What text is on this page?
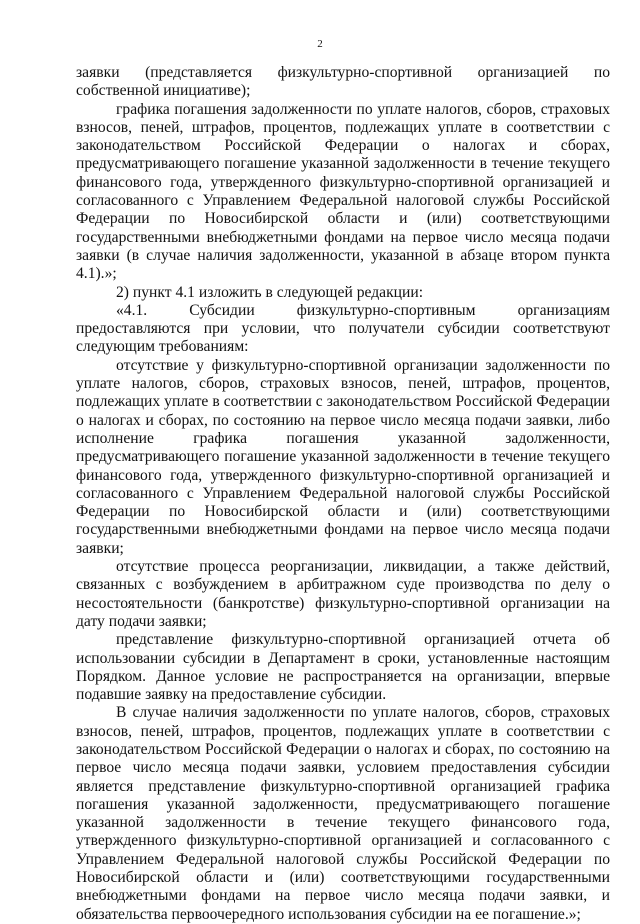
2

заявки (представляется физкультурно-спортивной организацией по собственной инициативе);

графика погашения задолженности по уплате налогов, сборов, страховых взносов, пеней, штрафов, процентов, подлежащих уплате в соответствии с законодательством Российской Федерации о налогах и сборах, предусматривающего погашение указанной задолженности в течение текущего финансового года, утвержденного физкультурно-спортивной организацией и согласованного с Управлением Федеральной налоговой службы Российской Федерации по Новосибирской области и (или) соответствующими государственными внебюджетными фондами на первое число месяца подачи заявки (в случае наличия задолженности, указанной в абзаце втором пункта 4.1).»;

2) пункт 4.1 изложить в следующей редакции:

«4.1. Субсидии физкультурно-спортивным организациям предоставляются при условии, что получатели субсидии соответствуют следующим требованиям:

отсутствие у физкультурно-спортивной организации задолженности по уплате налогов, сборов, страховых взносов, пеней, штрафов, процентов, подлежащих уплате в соответствии с законодательством Российской Федерации о налогах и сборах, по состоянию на первое число месяца подачи заявки, либо исполнение графика погашения указанной задолженности, предусматривающего погашение указанной задолженности в течение текущего финансового года, утвержденного физкультурно-спортивной организацией и согласованного с Управлением Федеральной налоговой службы Российской Федерации по Новосибирской области и (или) соответствующими государственными внебюджетными фондами на первое число месяца подачи заявки;

отсутствие процесса реорганизации, ликвидации, а также действий, связанных с возбуждением в арбитражном суде производства по делу о несостоятельности (банкротстве) физкультурно-спортивной организации на дату подачи заявки;

представление физкультурно-спортивной организацией отчета об использовании субсидии в Департамент в сроки, установленные настоящим Порядком. Данное условие не распространяется на организации, впервые подавшие заявку на предоставление субсидии.

В случае наличия задолженности по уплате налогов, сборов, страховых взносов, пеней, штрафов, процентов, подлежащих уплате в соответствии с законодательством Российской Федерации о налогах и сборах, по состоянию на первое число месяца подачи заявки, условием предоставления субсидии является представление физкультурно-спортивной организацией графика погашения указанной задолженности, предусматривающего погашение указанной задолженности в течение текущего финансового года, утвержденного физкультурно-спортивной организацией и согласованного с Управлением Федеральной налоговой службы Российской Федерации по Новосибирской области и (или) соответствующими государственными внебюджетными фондами на первое число месяца подачи заявки, и обязательства первоочередного использования субсидии на ее погашение.»;
